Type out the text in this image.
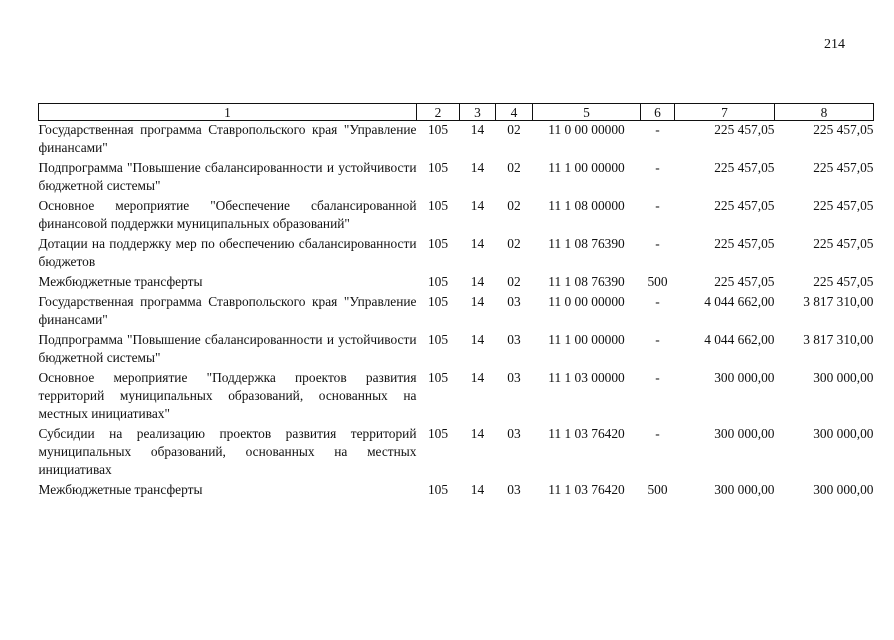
214
1	2	3	4	5	6	7	8
Государственная программа Ставропольского края "Управление финансами"	105	14	02	11 0 00 00000	-	225 457,05	225 457,05
Подпрограмма "Повышение сбалансированности и устойчивости бюджетной системы"	105	14	02	11 1 00 00000	-	225 457,05	225 457,05
Основное мероприятие "Обеспечение сбалансированной финансовой поддержки муниципальных образований"	105	14	02	11 1 08 00000	-	225 457,05	225 457,05
Дотации на поддержку мер по обеспечению сбалансированности бюджетов	105	14	02	11 1 08 76390	-	225 457,05	225 457,05
Межбюджетные трансферты	105	14	02	11 1 08 76390	500	225 457,05	225 457,05
Государственная программа Ставропольского края "Управление финансами"	105	14	03	11 0 00 00000	-	4 044 662,00	3 817 310,00
Подпрограмма "Повышение сбалансированности и устойчивости бюджетной системы"	105	14	03	11 1 00 00000	-	4 044 662,00	3 817 310,00
Основное мероприятие "Поддержка проектов развития территорий муниципальных образований, основанных на местных инициативах"	105	14	03	11 1 03 00000	-	300 000,00	300 000,00
Субсидии на реализацию проектов развития территорий муниципальных образований, основанных на местных инициативах	105	14	03	11 1 03 76420	-	300 000,00	300 000,00
Межбюджетные трансферты	105	14	03	11 1 03 76420	500	300 000,00	300 000,00
